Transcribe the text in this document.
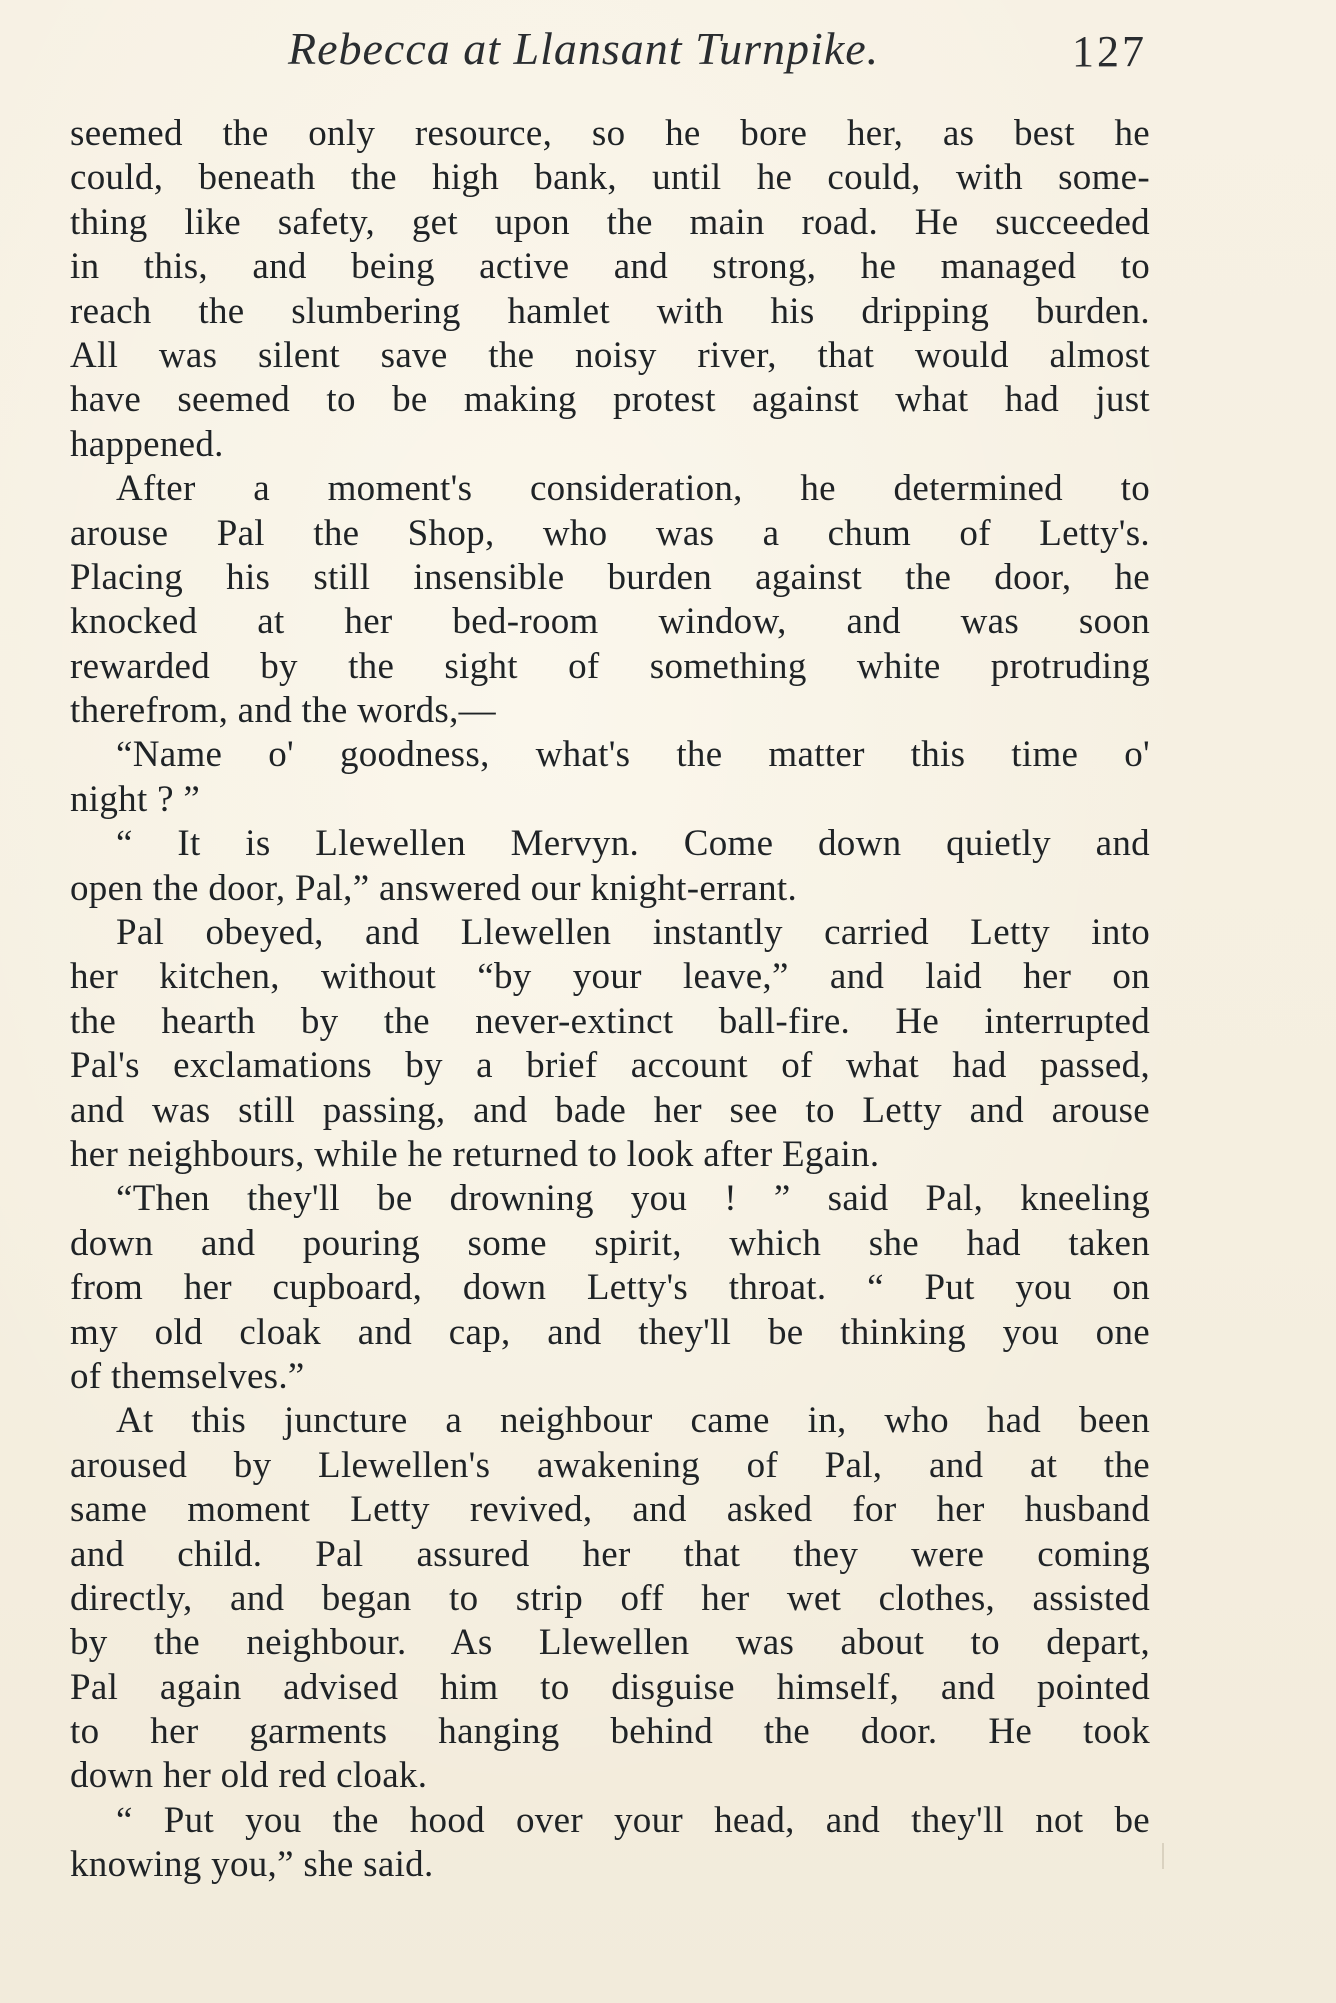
Rebecca at Llansant Turnpike.	127
seemed the only resource, so he bore her, as best he
could, beneath the high bank, until he could, with some-
thing like safety, get upon the main road. He succeeded
in this, and being active and strong, he managed to
reach the slumbering hamlet with his dripping burden.
All was silent save the noisy river, that would almost
have seemed to be making protest against what had just
happened.
After a moment's consideration, he determined to
arouse Pal the Shop, who was a chum of Letty's.
Placing his still insensible burden against the door, he
knocked at her bed-room window, and was soon
rewarded by the sight of something white protruding
therefrom, and the words,—
“Name o' goodness, what's the matter this time o'
night ? ”
“ It is Llewellen Mervyn. Come down quietly and
open the door, Pal,” answered our knight-errant.
Pal obeyed, and Llewellen instantly carried Letty into
her kitchen, without “by your leave,” and laid her on
the hearth by the never-extinct ball-fire. He interrupted
Pal's exclamations by a brief account of what had passed,
and was still passing, and bade her see to Letty and arouse
her neighbours, while he returned to look after Egain.
“Then they'll be drowning you ! ” said Pal, kneeling
down and pouring some spirit, which she had taken
from her cupboard, down Letty's throat. “ Put you on
my old cloak and cap, and they'll be thinking you one
of themselves.”
At this juncture a neighbour came in, who had been
aroused by Llewellen's awakening of Pal, and at the
same moment Letty revived, and asked for her husband
and child. Pal assured her that they were coming
directly, and began to strip off her wet clothes, assisted
by the neighbour. As Llewellen was about to depart,
Pal again advised him to disguise himself, and pointed
to her garments hanging behind the door. He took
down her old red cloak.
“ Put you the hood over your head, and they'll not be
knowing you,” she said.
